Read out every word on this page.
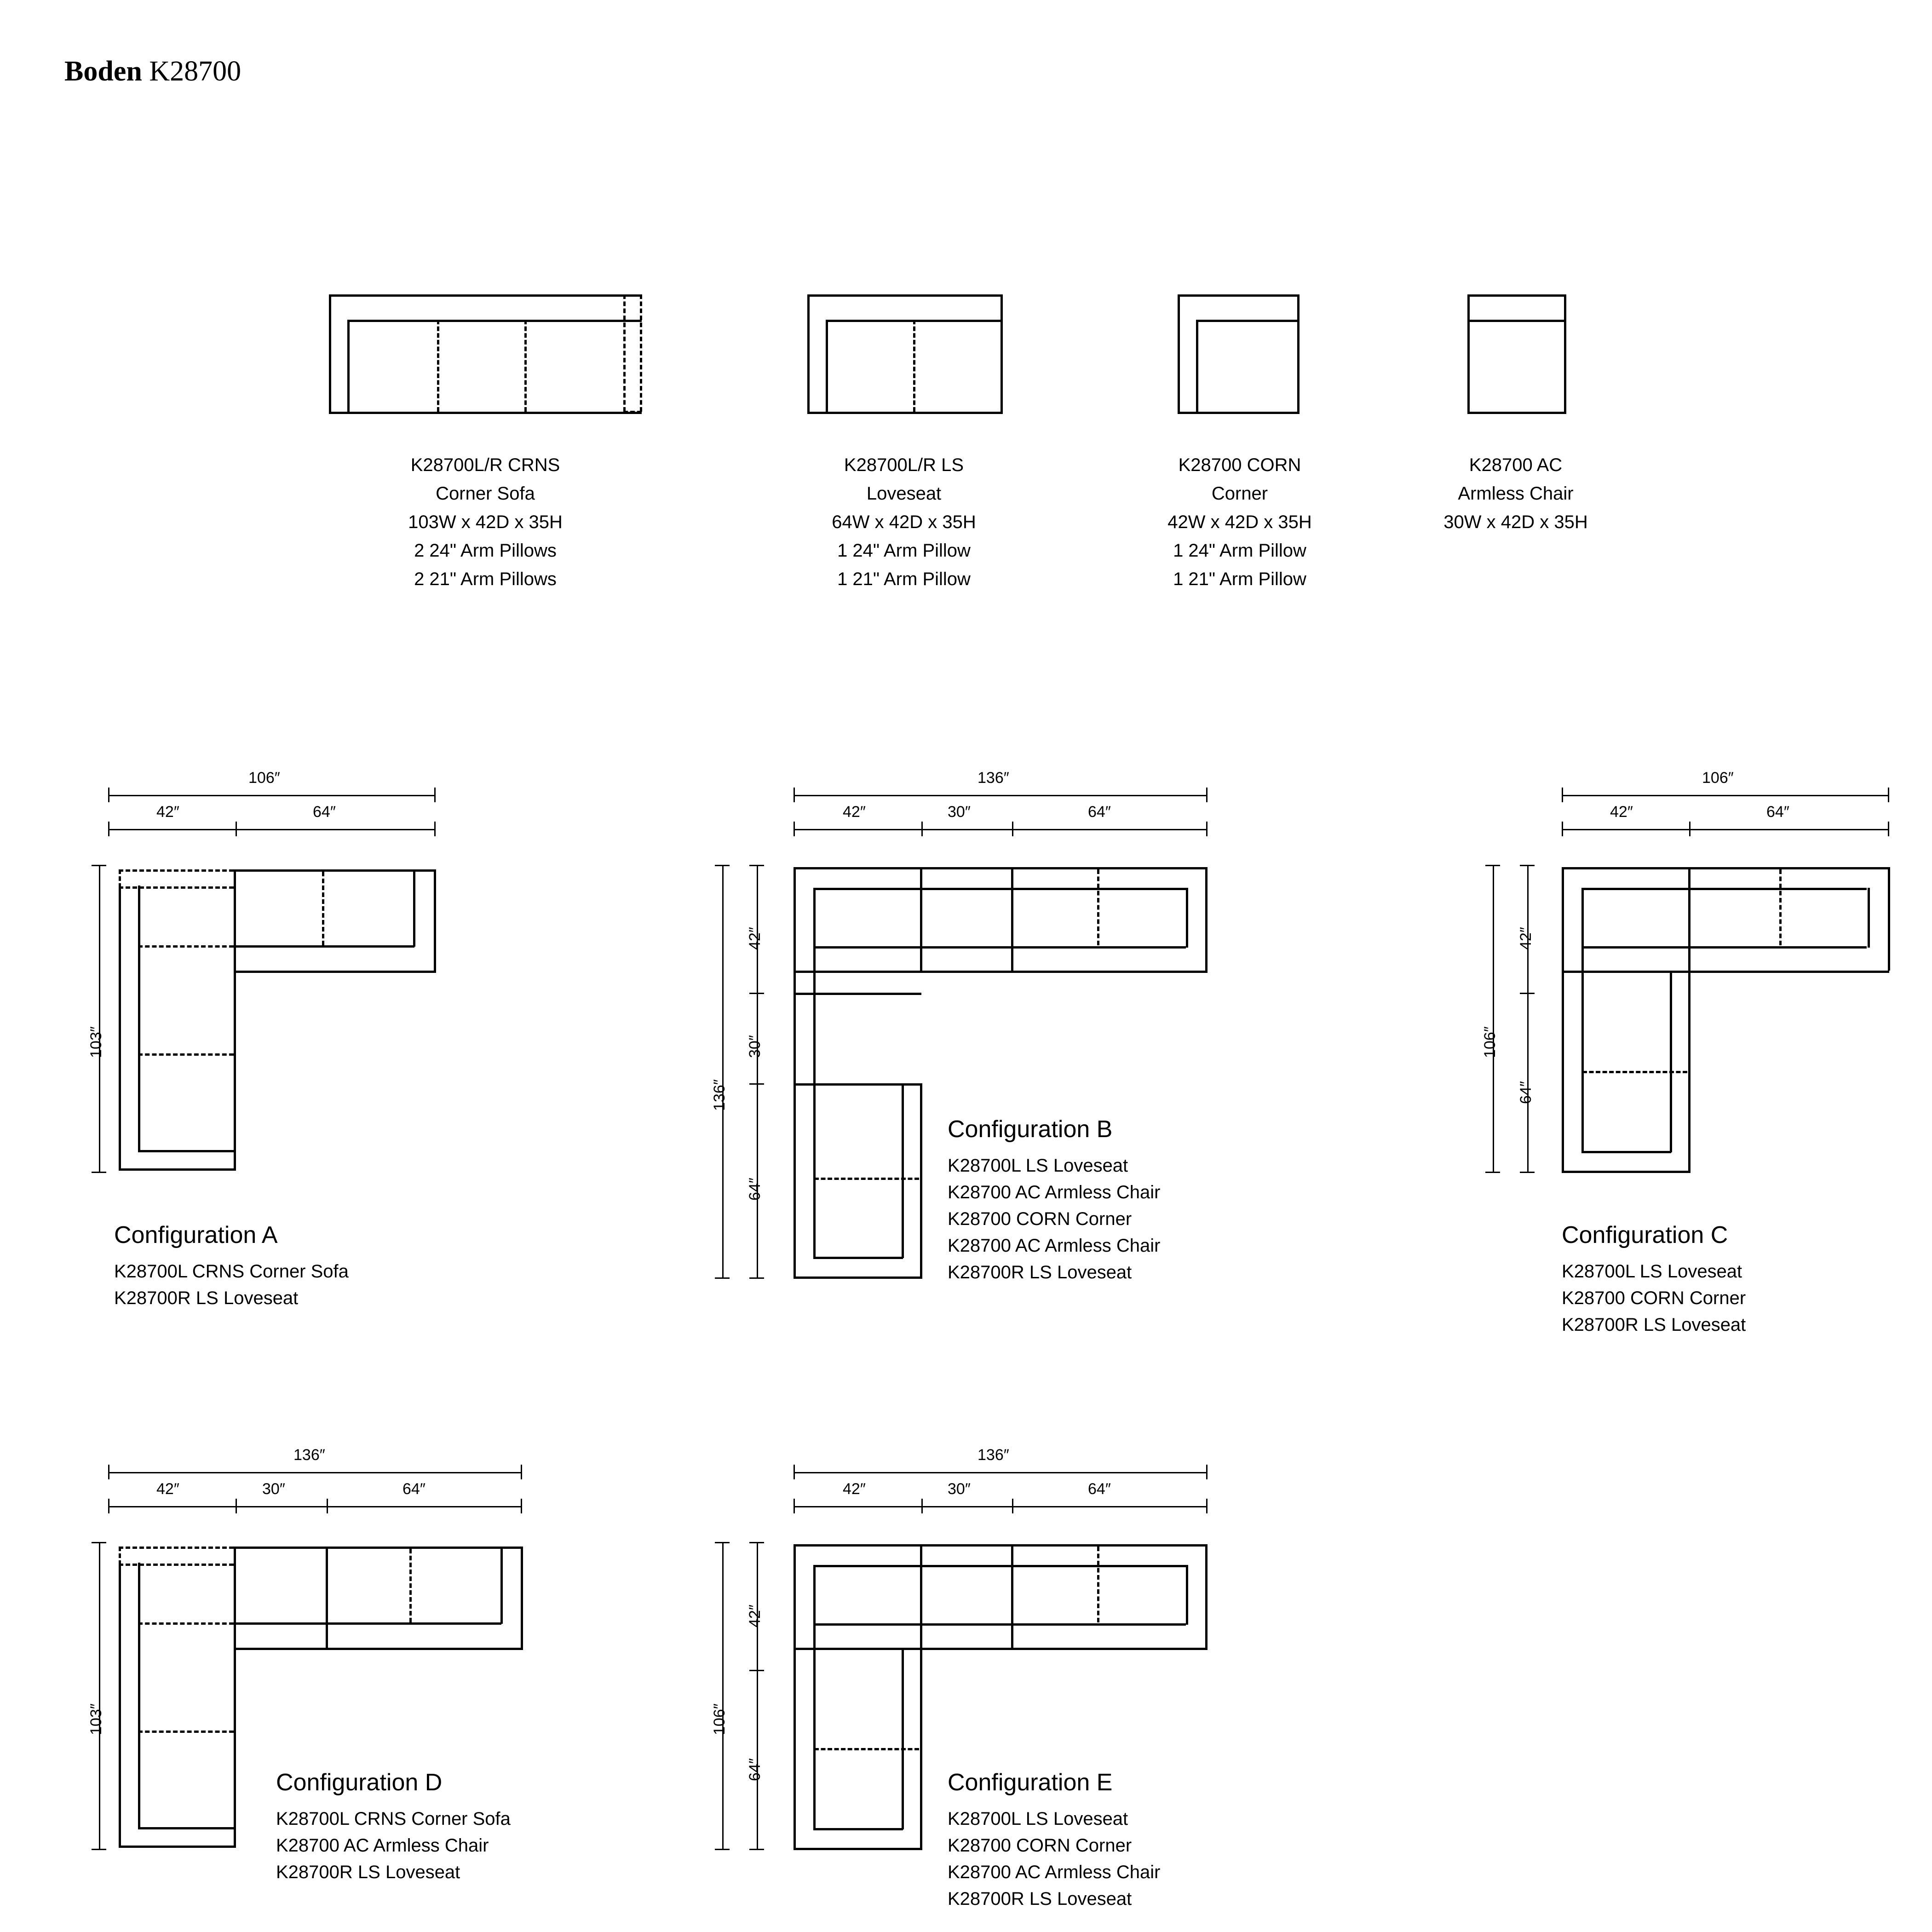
Boden K28700
K28700L/R CRNS
Corner Sofa
103W x 42D x 35H
2 24" Arm Pillows
2 21" Arm Pillows
K28700L/R LS
Loveseat
64W x 42D x 35H
1 24" Arm Pillow
1 21" Arm Pillow
K28700 CORN
Corner
42W x 42D x 35H
1 24" Arm Pillow
1 21" Arm Pillow
K28700 AC
Armless Chair
30W x 42D x 35H
106″
42″	64″
103″
Configuration A
K28700L CRNS Corner Sofa
K28700R LS Loveseat
136″
42″	30″	64″
136″
42″
30″
64″
Configuration B
K28700L LS Loveseat
K28700 AC Armless Chair
K28700 CORN Corner
K28700 AC Armless Chair
K28700R LS Loveseat
106″
42″	64″
106″
42″
64″
Configuration C
K28700L LS Loveseat
K28700 CORN Corner
K28700R LS Loveseat
136″
42″	30″	64″
103″
Configuration D
K28700L CRNS Corner Sofa
K28700 AC Armless Chair
K28700R LS Loveseat
136″
42″	30″	64″
106″
42″
64″	Configuration E
K28700L LS Loveseat
K28700 CORN Corner
K28700 AC Armless Chair
K28700R LS Loveseat
